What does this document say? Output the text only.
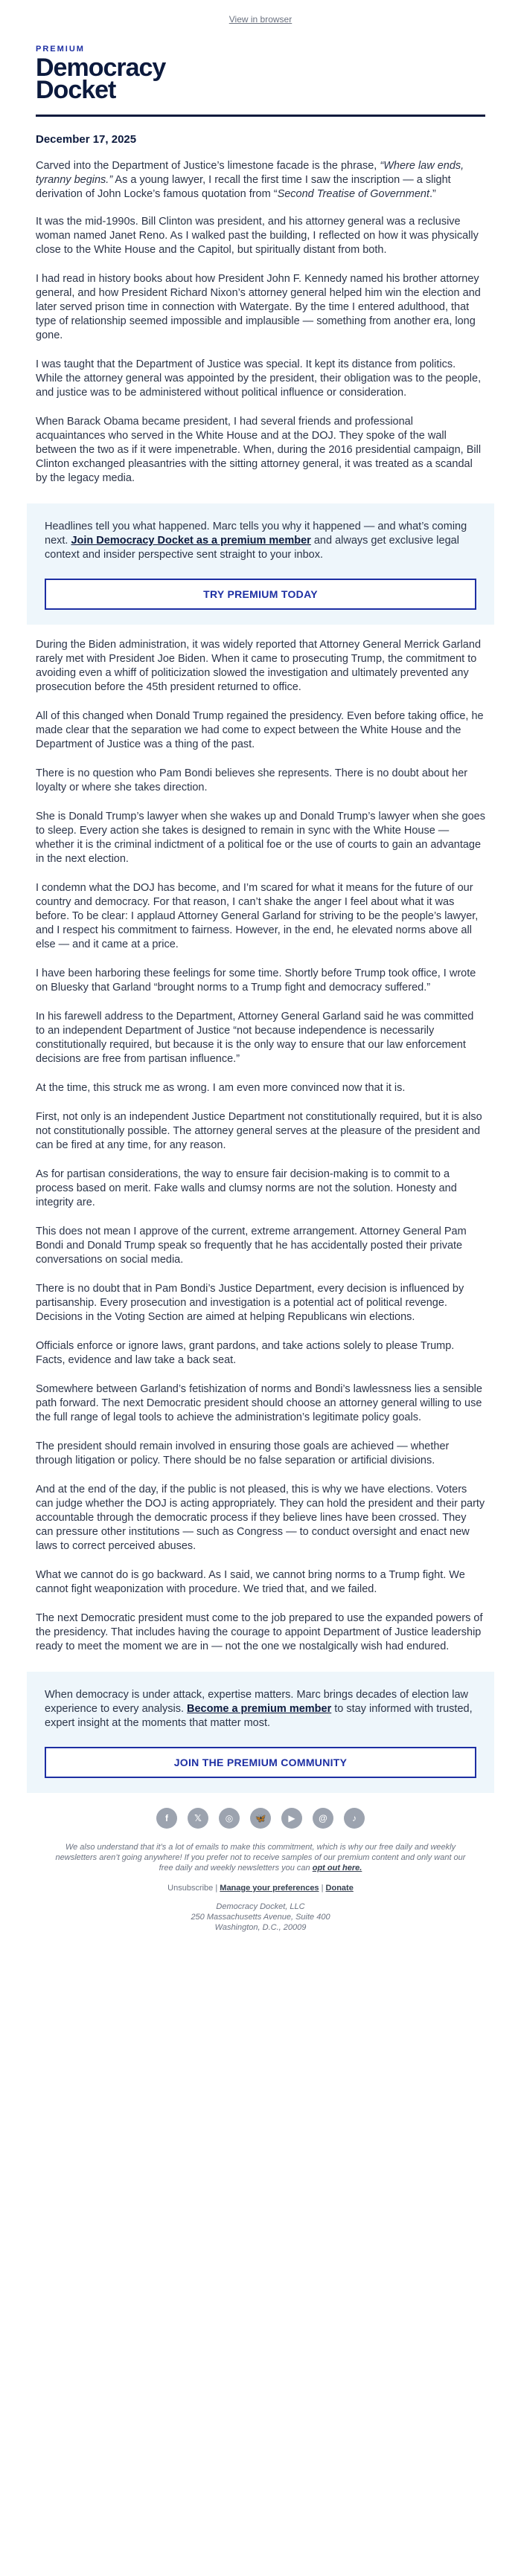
View in browser
PREMIUM
Democracy
Docket
December 17, 2025

Carved into the Department of Justice’s limestone facade is the phrase, “Where law ends, tyranny begins.” As a young lawyer, I recall the first time I saw the inscription — a slight derivation of John Locke’s famous quotation from “Second Treatise of Government.”

It was the mid-1990s. Bill Clinton was president, and his attorney general was a reclusive woman named Janet Reno. As I walked past the building, I reflected on how it was physically close to the White House and the Capitol, but spiritually distant from both.

I had read in history books about how President John F. Kennedy named his brother attorney general, and how President Richard Nixon’s attorney general helped him win the election and later served prison time in connection with Watergate. By the time I entered adulthood, that type of relationship seemed impossible and implausible — something from another era, long gone.

I was taught that the Department of Justice was special. It kept its distance from politics. While the attorney general was appointed by the president, their obligation was to the people, and justice was to be administered without political influence or consideration.

When Barack Obama became president, I had several friends and professional acquaintances who served in the White House and at the DOJ. They spoke of the wall between the two as if it were impenetrable. When, during the 2016 presidential campaign, Bill Clinton exchanged pleasantries with the sitting attorney general, it was treated as a scandal by the legacy media.

Headlines tell you what happened. Marc tells you why it happened — and what’s coming next. Join Democracy Docket as a premium member and always get exclusive legal context and insider perspective sent straight to your inbox.

TRY PREMIUM TODAY

During the Biden administration, it was widely reported that Attorney General Merrick Garland rarely met with President Joe Biden. When it came to prosecuting Trump, the commitment to avoiding even a whiff of politicization slowed the investigation and ultimately prevented any prosecution before the 45th president returned to office.

All of this changed when Donald Trump regained the presidency. Even before taking office, he made clear that the separation we had come to expect between the White House and the Department of Justice was a thing of the past.

There is no question who Pam Bondi believes she represents. There is no doubt about her loyalty or where she takes direction.

She is Donald Trump’s lawyer when she wakes up and Donald Trump’s lawyer when she goes to sleep. Every action she takes is designed to remain in sync with the White House — whether it is the criminal indictment of a political foe or the use of courts to gain an advantage in the next election.

I condemn what the DOJ has become, and I’m scared for what it means for the future of our country and democracy. For that reason, I can’t shake the anger I feel about what it was before. To be clear: I applaud Attorney General Garland for striving to be the people’s lawyer, and I respect his commitment to fairness. However, in the end, he elevated norms above all else — and it came at a price.

I have been harboring these feelings for some time. Shortly before Trump took office, I wrote on Bluesky that Garland “brought norms to a Trump fight and democracy suffered.”

In his farewell address to the Department, Attorney General Garland said he was committed to an independent Department of Justice “not because independence is necessarily constitutionally required, but because it is the only way to ensure that our law enforcement decisions are free from partisan influence.”

At the time, this struck me as wrong. I am even more convinced now that it is.

First, not only is an independent Justice Department not constitutionally required, but it is also not constitutionally possible. The attorney general serves at the pleasure of the president and can be fired at any time, for any reason.

As for partisan considerations, the way to ensure fair decision-making is to commit to a process based on merit. Fake walls and clumsy norms are not the solution. Honesty and integrity are.

This does not mean I approve of the current, extreme arrangement. Attorney General Pam Bondi and Donald Trump speak so frequently that he has accidentally posted their private conversations on social media.

There is no doubt that in Pam Bondi’s Justice Department, every decision is influenced by partisanship. Every prosecution and investigation is a potential act of political revenge. Decisions in the Voting Section are aimed at helping Republicans win elections.

Officials enforce or ignore laws, grant pardons, and take actions solely to please Trump. Facts, evidence and law take a back seat.

Somewhere between Garland’s fetishization of norms and Bondi’s lawlessness lies a sensible path forward. The next Democratic president should choose an attorney general willing to use the full range of legal tools to achieve the administration’s legitimate policy goals.

The president should remain involved in ensuring those goals are achieved — whether through litigation or policy. There should be no false separation or artificial divisions.

And at the end of the day, if the public is not pleased, this is why we have elections. Voters can judge whether the DOJ is acting appropriately. They can hold the president and their party accountable through the democratic process if they believe lines have been crossed. They can pressure other institutions — such as Congress — to conduct oversight and enact new laws to correct perceived abuses.

What we cannot do is go backward. As I said, we cannot bring norms to a Trump fight. We cannot fight weaponization with procedure. We tried that, and we failed.

The next Democratic president must come to the job prepared to use the expanded powers of the presidency. That includes having the courage to appoint Department of Justice leadership ready to meet the moment we are in — not the one we nostalgically wish had endured.

When democracy is under attack, expertise matters. Marc brings decades of election law experience to every analysis. Become a premium member to stay informed with trusted, expert insight at the moments that matter most.

JOIN THE PREMIUM COMMUNITY
f	𝕏	◎	🦋	▶	@	♪

We also understand that it’s a lot of emails to make this commitment, which is why our free daily and weekly newsletters aren’t going anywhere! If you prefer not to receive samples of our premium content and only want our free daily and weekly newsletters you can opt out here.

Unsubscribe | Manage your preferences | Donate

Democracy Docket, LLC
250 Massachusetts Avenue, Suite 400
Washington, D.C., 20009
